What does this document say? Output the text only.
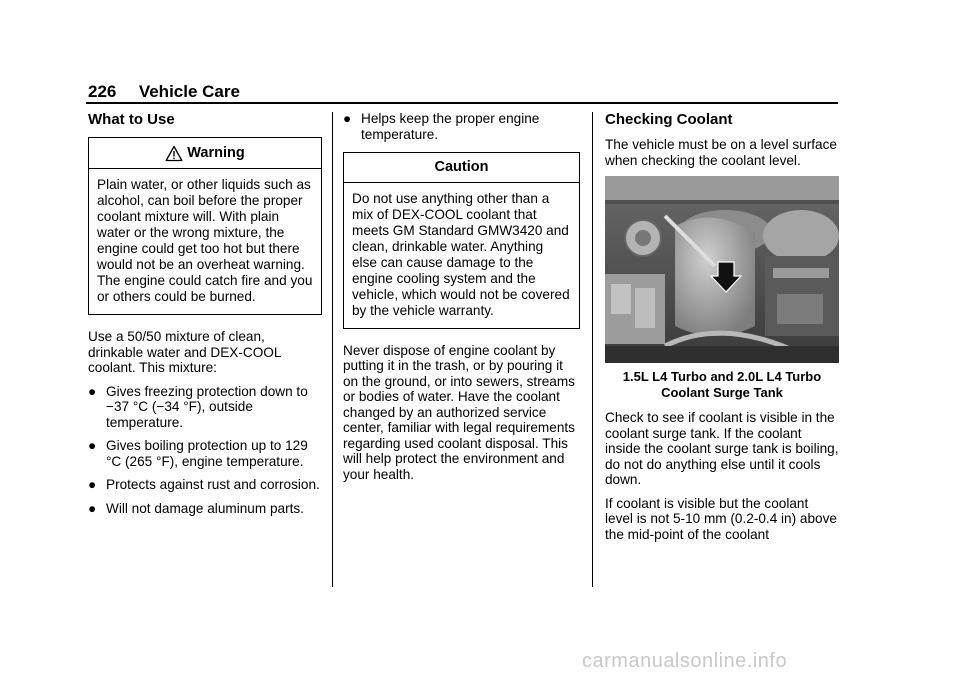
226 Vehicle Care
What to Use
Warning
Plain water, or other liquids such as alcohol, can boil before the proper coolant mixture will. With plain water or the wrong mixture, the engine could get too hot but there would not be an overheat warning. The engine could catch fire and you or others could be burned.

Use a 50/50 mixture of clean, drinkable water and DEX-COOL coolant. This mixture:

● Gives freezing protection down to −37 °C (−34 °F), outside temperature.
● Gives boiling protection up to 129 °C (265 °F), engine temperature.
● Protects against rust and corrosion.
● Will not damage aluminum parts.
● Helps keep the proper engine temperature.
Caution
Do not use anything other than a mix of DEX-COOL coolant that meets GM Standard GMW3420 and clean, drinkable water. Anything else can cause damage to the engine cooling system and the vehicle, which would not be covered by the vehicle warranty.

Never dispose of engine coolant by putting it in the trash, or by pouring it on the ground, or into sewers, streams or bodies of water. Have the coolant changed by an authorized service center, familiar with legal requirements regarding used coolant disposal. This will help protect the environment and your health.

Checking Coolant

The vehicle must be on a level surface when checking the coolant level.

1.5L L4 Turbo and 2.0L L4 Turbo
Coolant Surge Tank

Check to see if coolant is visible in the coolant surge tank. If the coolant inside the coolant surge tank is boiling, do not do anything else until it cools down.

If coolant is visible but the coolant level is not 5-10 mm (0.2-0.4 in) above the mid-point of the coolant

carmanualsonline.info
